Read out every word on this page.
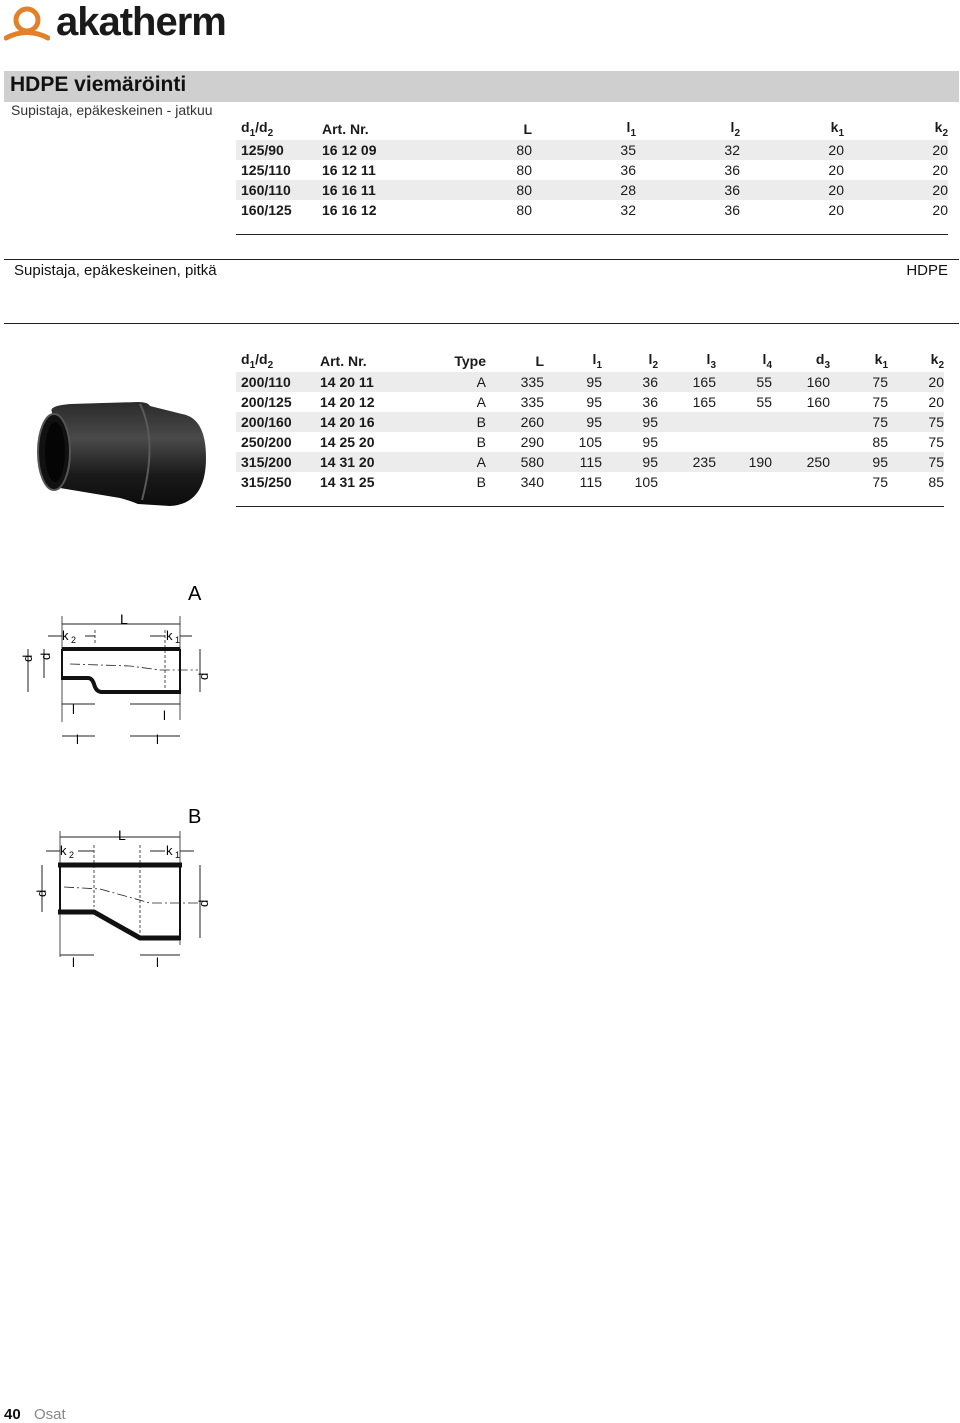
akatherm
HDPE viemäröinti
Supistaja, epäkeskeinen - jatkuu
$d_1/d_2$	Art. Nr.	L	$l_1$	$l_2$	$k_1$	$k_2$
125/90	16 12 09	80	35	32	20	20
125/110	16 12 11	80	36	36	20	20
160/110	16 16 11	80	28	36	20	20
160/125	16 16 12	80	32	36	20	20
Supistaja, epäkeskeinen, pitkä	HDPE
$d_1/d_2$	Art. Nr.	Type	L	$l_1$	$l_2$	$l_3$	$l_4$	$d_3$	$k_1$	$k_2$
200/110	14 20 11	A	335	95	36	165	55	160	75	20
200/125	14 20 12	A	335	95	36	165	55	160	75	20
200/160	14 20 16	B	260	95	95				75	75
250/200	14 25 20	B	290	105	95				85	75
315/200	14 31 20	A	580	115	95	235	190	250	95	75
315/250	14 31 25	B	340	115	105				75	85
A
L
k 2	k 1
d d
d
l	l
l	l
B
L
k 2	k 1
d
d
l	l
40 Osat
